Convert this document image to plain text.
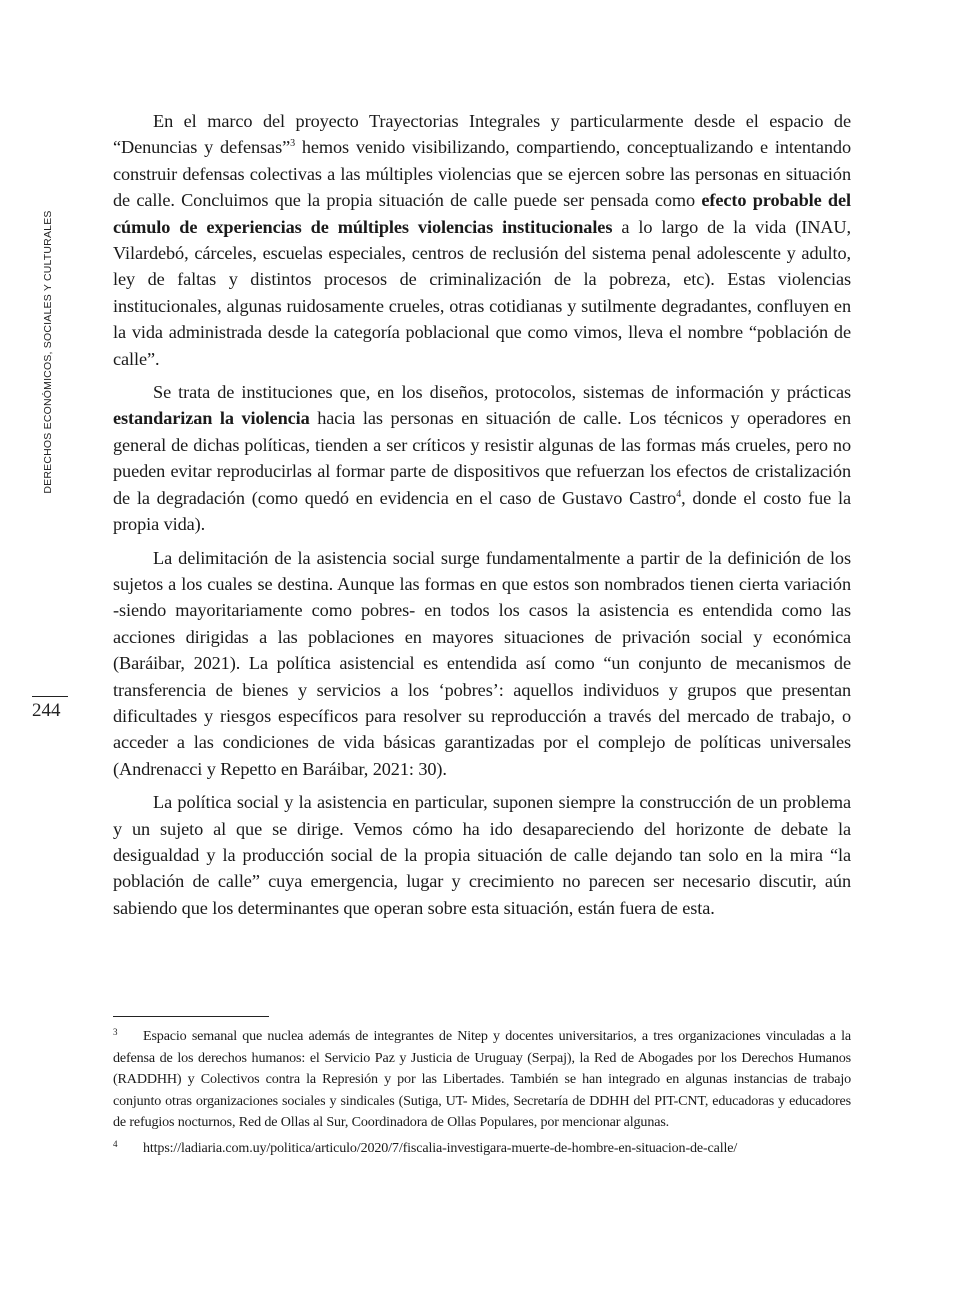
DERECHOS ECONÓMICOS, SOCIALES Y CULTURALES
244

En el marco del proyecto Trayectorias Integrales y particularmente desde el espacio de “Denuncias y defensas”$^3$ hemos venido visibilizando, compartiendo, conceptualizando e intentando construir defensas colectivas a las múltiples violencias que se ejercen sobre las personas en situación de calle. Concluimos que la propia situación de calle puede ser pensada como efecto probable del cúmulo de experiencias de múltiples violencias institucionales a lo largo de la vida (INAU, Vilardebó, cárceles, escuelas especiales, centros de reclusión del sistema penal adolescente y adulto, ley de faltas y distintos procesos de criminalización de la pobreza, etc). Estas violencias institucionales, algunas ruidosamente crueles, otras cotidianas y sutilmente degradantes, confluyen en la vida administrada desde la categoría poblacional que como vimos, lleva el nombre “población de calle”.

Se trata de instituciones que, en los diseños, protocolos, sistemas de información y prácticas estandarizan la violencia hacia las personas en situación de calle. Los técnicos y operadores en general de dichas políticas, tienden a ser críticos y resistir algunas de las formas más crueles, pero no pueden evitar reproducirlas al formar parte de dispositivos que refuerzan los efectos de cristalización de la degradación (como quedó en evidencia en el caso de Gustavo Castro$^4$, donde el costo fue la propia vida).

La delimitación de la asistencia social surge fundamentalmente a partir de la definición de los sujetos a los cuales se destina. Aunque las formas en que estos son nombrados tienen cierta variación -siendo mayoritariamente como pobres- en todos los casos la asistencia es entendida como las acciones dirigidas a las poblaciones en mayores situaciones de privación social y económica (Baráibar, 2021). La política asistencial es entendida así como “un conjunto de mecanismos de transferencia de bienes y servicios a los ‘pobres’: aquellos individuos y grupos que presentan dificultades y riesgos específicos para resolver su reproducción a través del mercado de trabajo, o acceder a las condiciones de vida básicas garantizadas por el complejo de políticas universales (Andrenacci y Repetto en Baráibar, 2021: 30).

La política social y la asistencia en particular, suponen siempre la construcción de un problema y un sujeto al que se dirige. Vemos cómo ha ido desapareciendo del horizonte de debate la desigualdad y la producción social de la propia situación de calle dejando tan solo en la mira “la población de calle” cuya emergencia, lugar y crecimiento no parecen ser necesario discutir, aún sabiendo que los determinantes que operan sobre esta situación, están fuera de esta.

3 Espacio semanal que nuclea además de integrantes de Nitep y docentes universitarios, a tres organizaciones vinculadas a la defensa de los derechos humanos: el Servicio Paz y Justicia de Uruguay (Serpaj), la Red de Abogades por los Derechos Humanos (RADDHH) y Colectivos contra la Represión y por las Libertades. También se han integrado en algunas instancias de trabajo conjunto otras organizaciones sociales y sindicales (Sutiga, UT- Mides, Secretaría de DDHH del PIT-CNT, educadoras y educadores de refugios nocturnos, Red de Ollas al Sur, Coordinadora de Ollas Populares, por mencionar algunas.

4 https://ladiaria.com.uy/politica/articulo/2020/7/fiscalia-investigara-muerte-de-hombre-en-situacion-de-calle/
